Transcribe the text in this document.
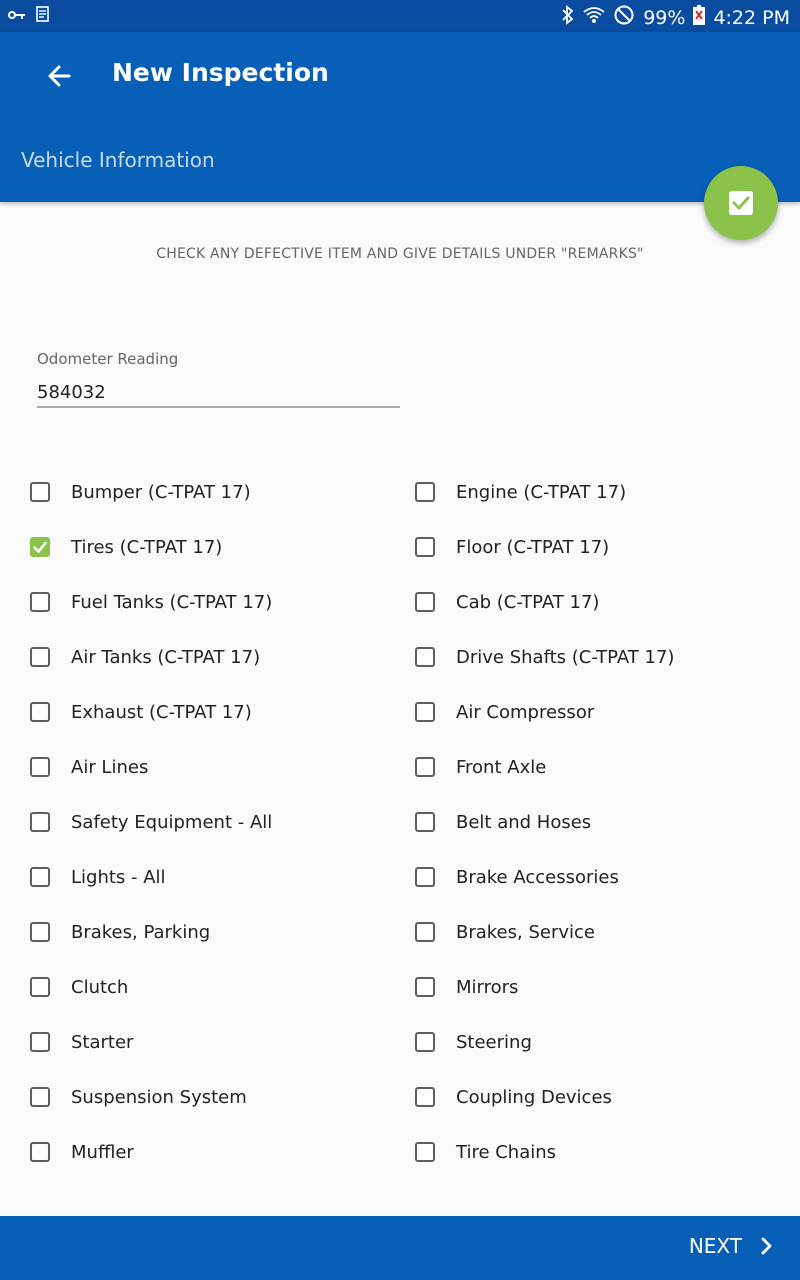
99% 4:22 PM
New Inspection
Vehicle Information
CHECK ANY DEFECTIVE ITEM AND GIVE DETAILS UNDER "REMARKS"
Odometer Reading
584032
Bumper (C-TPAT 17)
Tires (C-TPAT 17)
Fuel Tanks (C-TPAT 17)
Air Tanks (C-TPAT 17)
Exhaust (C-TPAT 17)
Air Lines
Safety Equipment - All
Lights - All
Brakes, Parking
Clutch
Starter
Suspension System
Muffler
Engine (C-TPAT 17)
Floor (C-TPAT 17)
Cab (C-TPAT 17)
Drive Shafts (C-TPAT 17)
Air Compressor
Front Axle
Belt and Hoses
Brake Accessories
Brakes, Service
Mirrors
Steering
Coupling Devices
Tire Chains
NEXT
